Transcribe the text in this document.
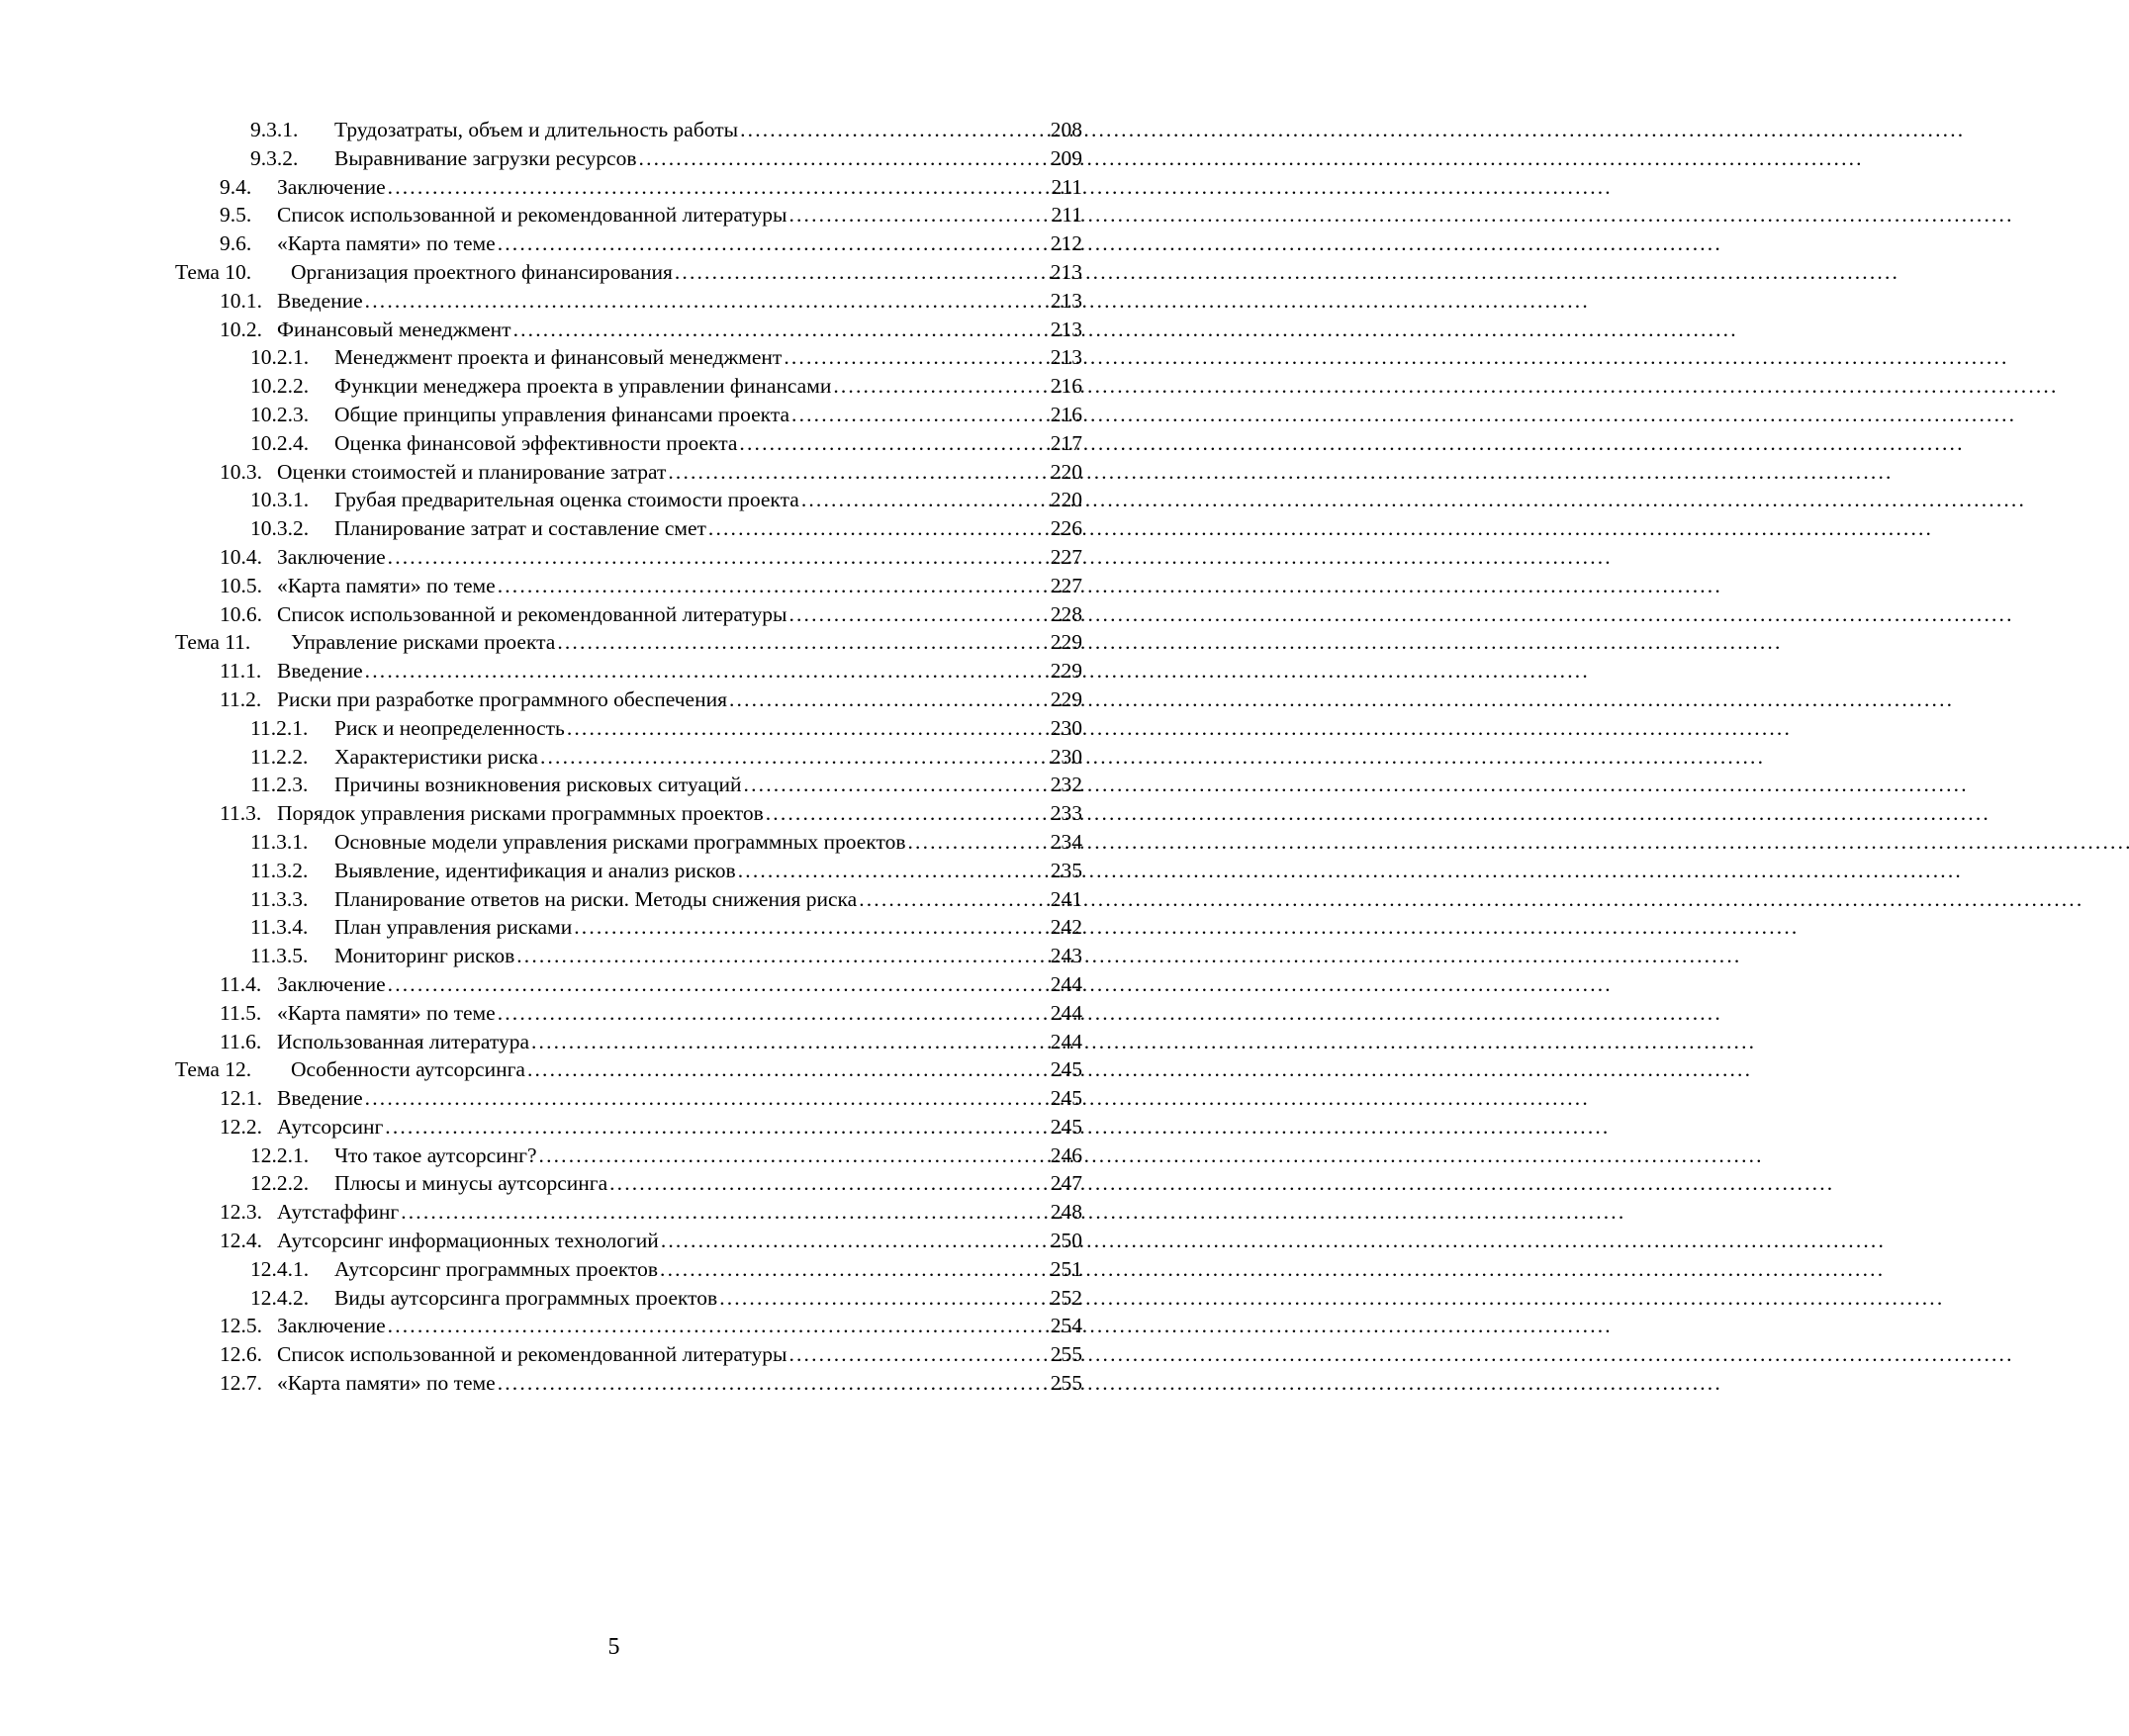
9.3.1.	Трудозатраты, объем и длительность работы . . .	208
9.3.2.	Выравнивание загрузки ресурсов . . .	209
9.4.	Заключение . . .	211
9.5.	Список использованной и рекомендованной литературы . . .	211
9.6.	«Карта памяти» по теме . . .	212
Тема 10.	Организация проектного финансирования . . .	213
10.1. Введение . . .	213
10.2. Финансовый менеджмент . . .	213
10.2.1.	Менеджмент проекта и финансовый менеджмент . . .	213
10.2.2.	Функции менеджера проекта в управлении финансами . . .	216
10.2.3.	Общие принципы управления финансами проекта . . .	216
10.2.4.	Оценка финансовой эффективности проекта . . .	217
10.3. Оценки стоимостей и планирование затрат . . .	220
10.3.1.	Грубая предварительная оценка стоимости проекта . . .	220
10.3.2.	Планирование затрат и составление смет . . .	226
10.4. Заключение . . .	227
10.5. «Карта памяти» по теме . . .	227
10.6. Список использованной и рекомендованной литературы . . .	228
Тема 11.	Управление рисками проекта . . .	229
11.1. Введение . . .	229
11.2. Риски при разработке программного обеспечения . . .	229
11.2.1.	Риск и неопределенность . . .	230
11.2.2.	Характеристики риска . . .	230
11.2.3.	Причины возникновения рисковых ситуаций . . .	232
11.3. Порядок управления рисками программных проектов . . .	233
11.3.1.	Основные модели управления рисками программных проектов . . .	234
11.3.2.	Выявление, идентификация и анализ рисков . . .	235
11.3.3.	Планирование ответов на риски. Методы снижения риска . . .	241
11.3.4.	План управления рисками . . .	242
11.3.5.	Мониторинг рисков . . .	243
11.4. Заключение . . .	244
11.5. «Карта памяти» по теме . . .	244
11.6. Использованная литература . . .	244
Тема 12.	Особенности аутсорсинга . . .	245
12.1. Введение . . .	245
12.2. Аутсорсинг . . .	245
12.2.1.	Что такое аутсорсинг? . . .	246
12.2.2.	Плюсы и минусы аутсорсинга . . .	247
12.3. Аутстаффинг . . .	248
12.4. Аутсорсинг информационных технологий . . .	250
12.4.1.	Аутсорсинг программных проектов . . .	251
12.4.2.	Виды аутсорсинга программных проектов . . .	252
12.5. Заключение . . .	254
12.6. Список использованной и рекомендованной литературы . . .	255
12.7. «Карта памяти» по теме . . .	255
5
